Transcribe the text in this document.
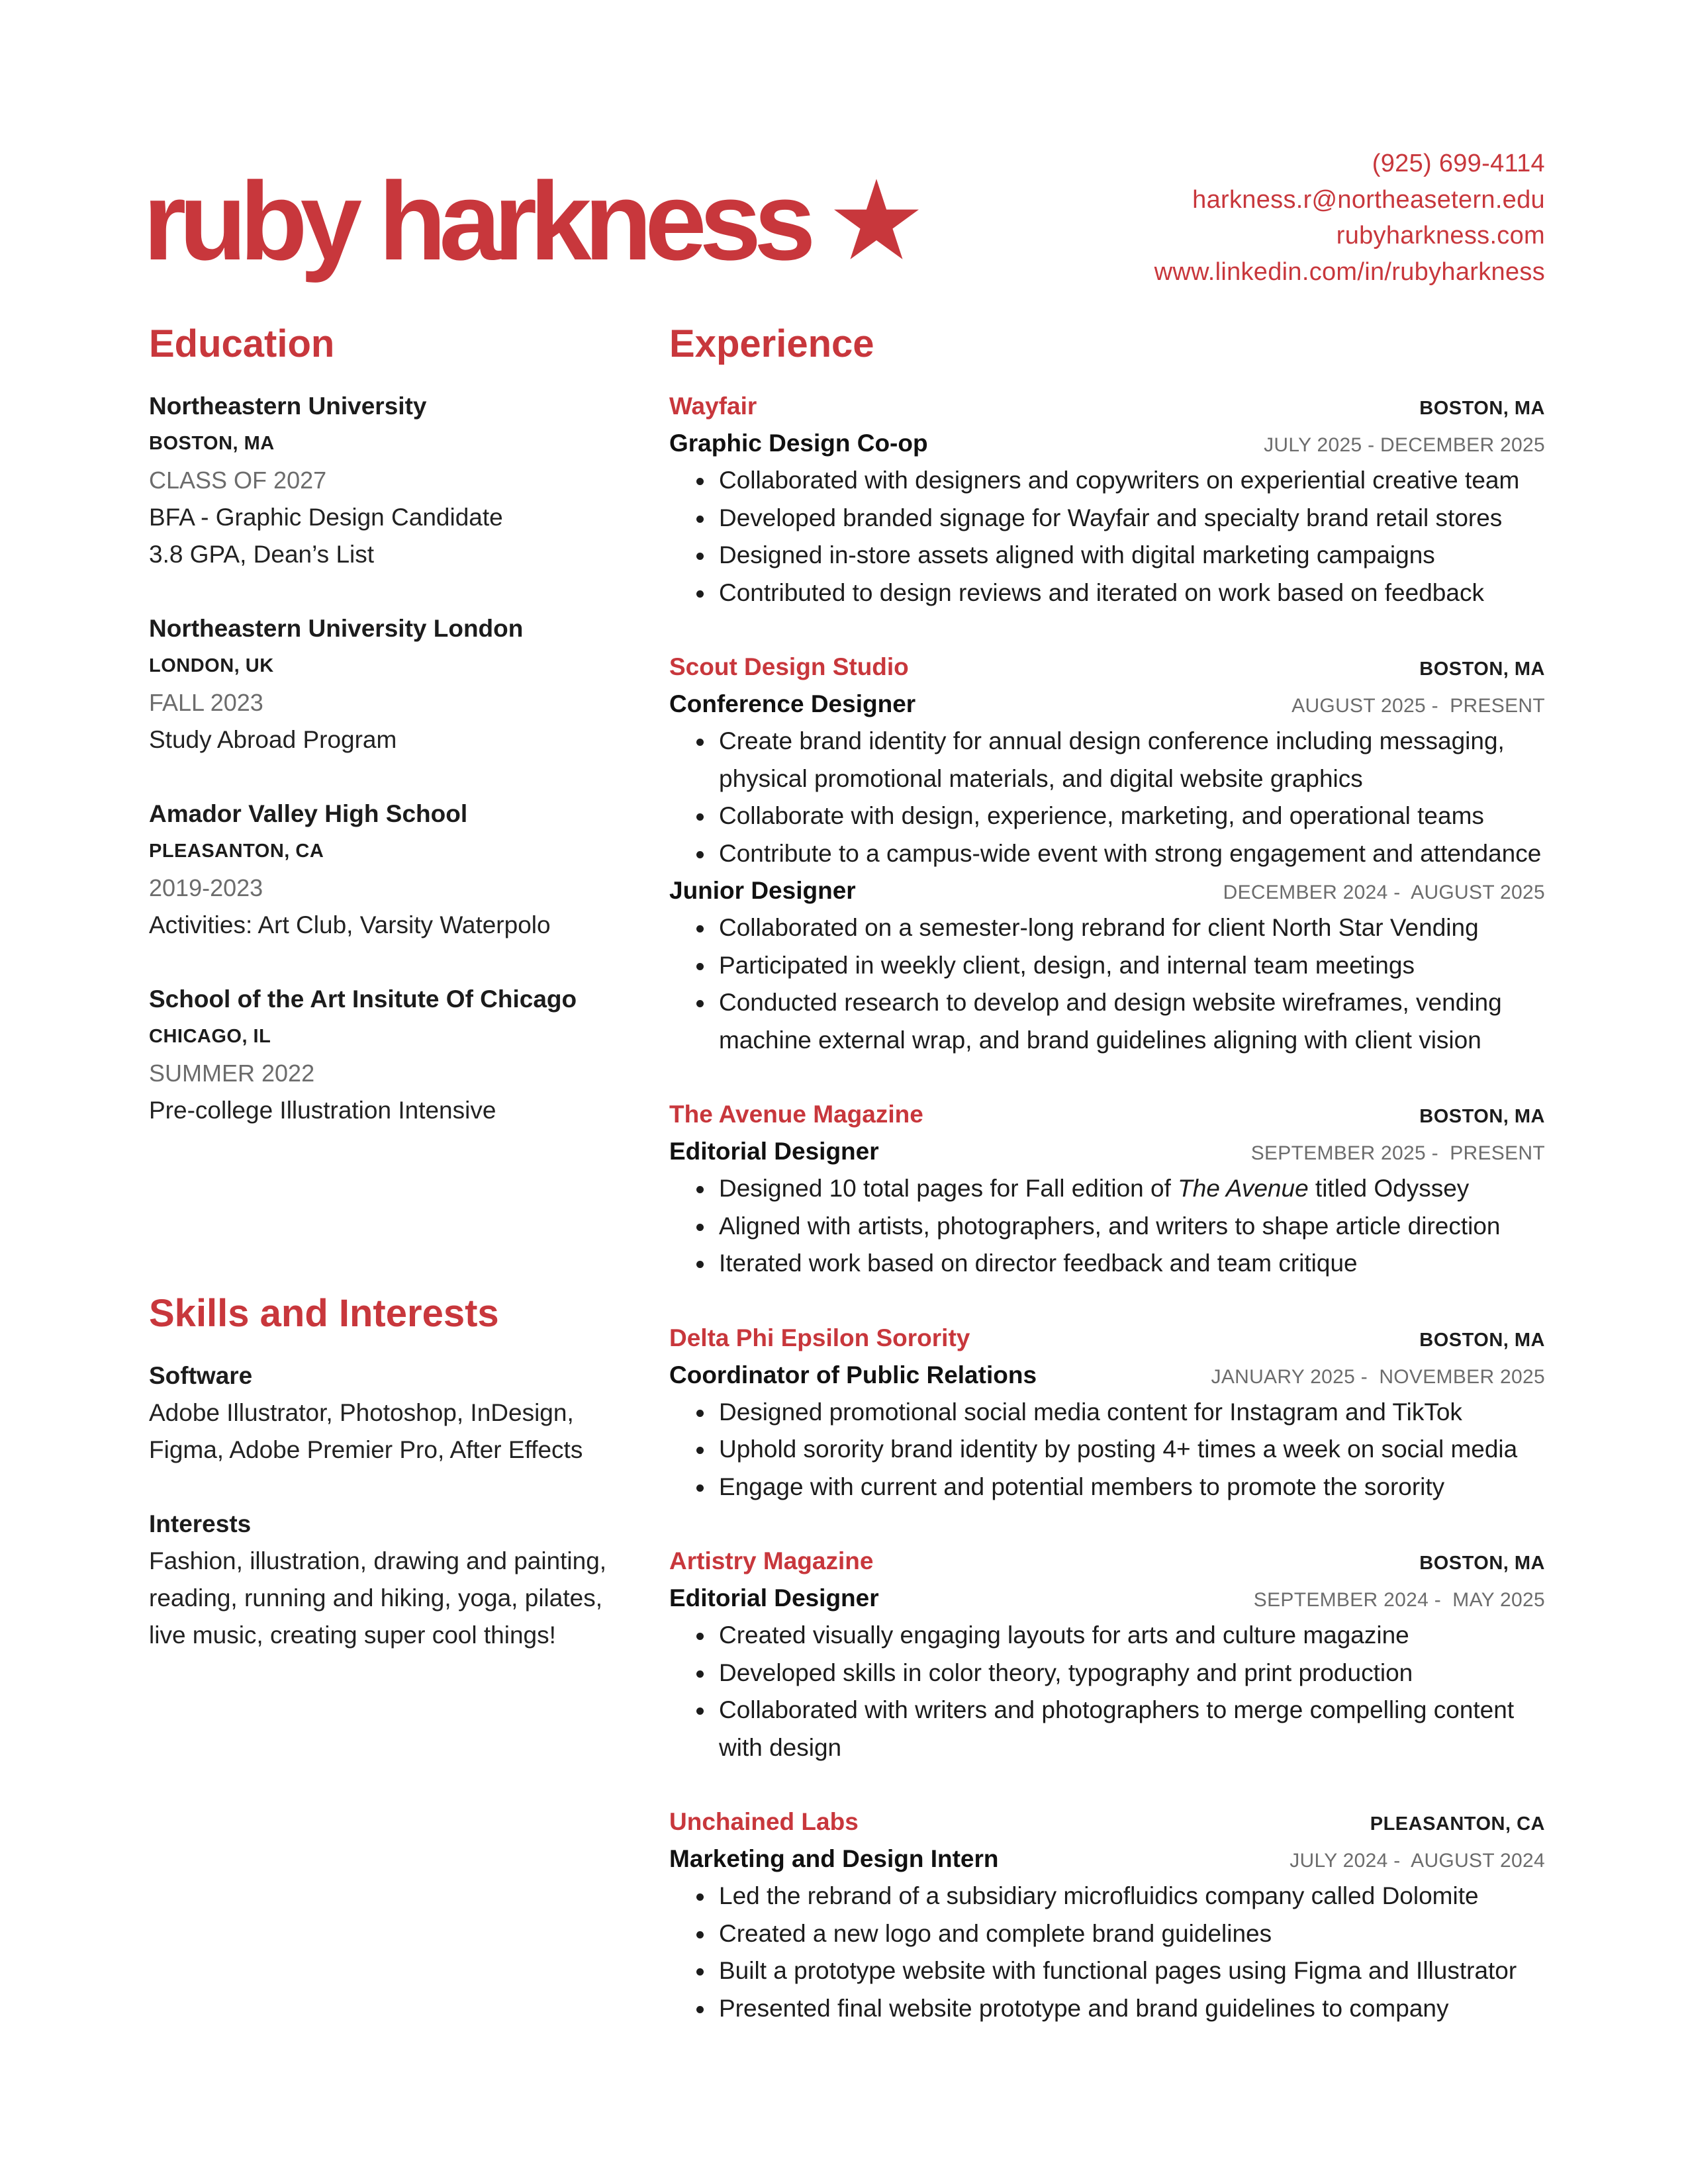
ruby harkness	(925) 699-4114
harkness.r@northeasetern.edu
rubyharkness.com
www.linkedin.com/in/rubyharkness
Education
Northeastern University
BOSTON, MA
CLASS OF 2027
BFA - Graphic Design Candidate
3.8 GPA, Dean’s List
Northeastern University London
LONDON, UK
FALL 2023
Study Abroad Program
Amador Valley High School
PLEASANTON, CA
2019-2023
Activities: Art Club, Varsity Waterpolo
School of the Art Insitute Of Chicago
CHICAGO, IL
SUMMER 2022
Pre-college Illustration Intensive
Skills and Interests
Software
Adobe Illustrator, Photoshop, InDesign,
Figma, Adobe Premier Pro, After Effects
Interests
Fashion, illustration, drawing and painting,
reading, running and hiking, yoga, pilates,
live music, creating super cool things!
Experience
Wayfair	BOSTON, MA
Graphic Design Co-op	JULY 2025 - DECEMBER 2025
Collaborated with designers and copywriters on experiential creative team
Developed branded signage for Wayfair and specialty brand retail stores
Designed in-store assets aligned with digital marketing campaigns
Contributed to design reviews and iterated on work based on feedback
Scout Design Studio	BOSTON, MA
Conference Designer	AUGUST 2025 -  PRESENT
Create brand identity for annual design conference including messaging, physical promotional materials, and digital website graphics
Collaborate with design, experience, marketing, and operational teams
Contribute to a campus-wide event with strong engagement and attendance
Junior Designer	DECEMBER 2024 -  AUGUST 2025
Collaborated on a semester-long rebrand for client North Star Vending
Participated in weekly client, design, and internal team meetings
Conducted research to develop and design website wireframes, vending machine external wrap, and brand guidelines aligning with client vision
The Avenue Magazine	BOSTON, MA
Editorial Designer	SEPTEMBER 2025 -  PRESENT
Designed 10 total pages for Fall edition of The Avenue titled Odyssey
Aligned with artists, photographers, and writers to shape article direction
Iterated work based on director feedback and team critique
Delta Phi Epsilon Sorority	BOSTON, MA
Coordinator of Public Relations	JANUARY 2025 -  NOVEMBER 2025
Designed promotional social media content for Instagram and TikTok
Uphold sorority brand identity by posting 4+ times a week on social media
Engage with current and potential members to promote the sorority
Artistry Magazine	BOSTON, MA
Editorial Designer	SEPTEMBER 2024 -  MAY 2025
Created visually engaging layouts for arts and culture magazine
Developed skills in color theory, typography and print production
Collaborated with writers and photographers to merge compelling content with design
Unchained Labs	PLEASANTON, CA
Marketing and Design Intern	JULY 2024 -  AUGUST 2024
Led the rebrand of a subsidiary microfluidics company called Dolomite
Created a new logo and complete brand guidelines
Built a prototype website with functional pages using Figma and Illustrator
Presented final website prototype and brand guidelines to company
